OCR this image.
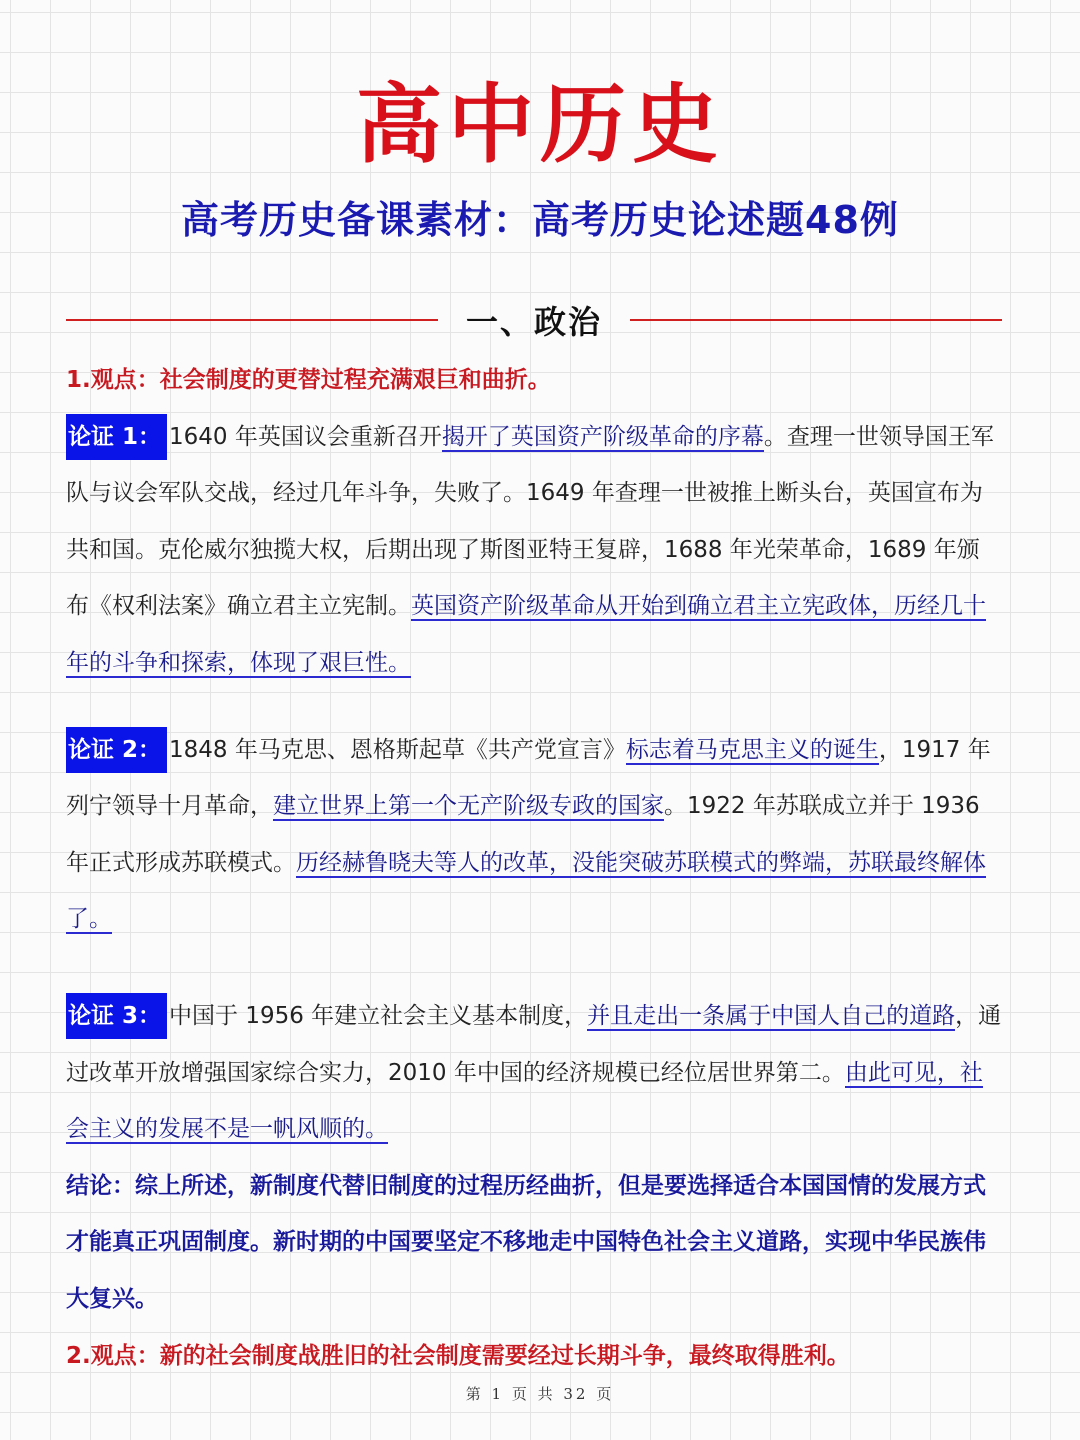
高中历史
高考历史备课素材：高考历史论述题48例
一、政治

1.观点：社会制度的更替过程充满艰巨和曲折。

论证 1： 1640 年英国议会重新召开揭开了英国资产阶级革命的序幕。查理一世领导国王军队与议会军队交战，经过几年斗争，失败了。1649 年查理一世被推上断头台，英国宣布为共和国。克伦威尔独揽大权，后期出现了斯图亚特王复辟，1688 年光荣革命，1689 年颁布《权利法案》确立君主立宪制。英国资产阶级革命从开始到确立君主立宪政体，历经几十年的斗争和探索，体现了艰巨性。

论证 2： 1848 年马克思、恩格斯起草《共产党宣言》标志着马克思主义的诞生，1917 年列宁领导十月革命，建立世界上第一个无产阶级专政的国家。1922 年苏联成立并于 1936 年正式形成苏联模式。历经赫鲁晓夫等人的改革，没能突破苏联模式的弊端，苏联最终解体了。

论证 3： 中国于 1956 年建立社会主义基本制度，并且走出一条属于中国人自己的道路，通过改革开放增强国家综合实力，2010 年中国的经济规模已经位居世界第二。由此可见，社会主义的发展不是一帆风顺的。

结论：综上所述，新制度代替旧制度的过程历经曲折，但是要选择适合本国国情的发展方式才能真正巩固制度。新时期的中国要坚定不移地走中国特色社会主义道路，实现中华民族伟大复兴。

2.观点：新的社会制度战胜旧的社会制度需要经过长期斗争，最终取得胜利。

第 1 页 共 32 页
